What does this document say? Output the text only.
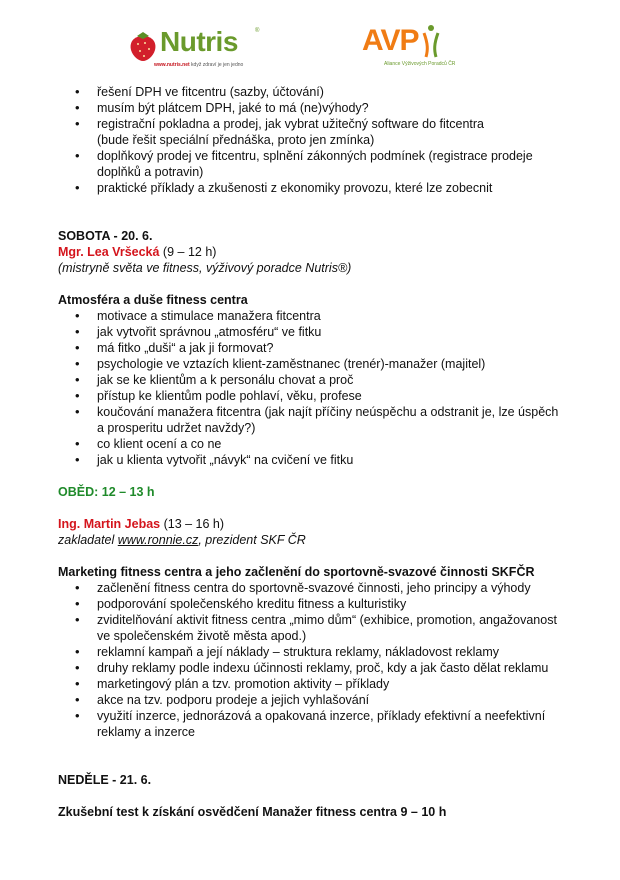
Nutris	®
www.nutris.net když zdraví je jen jedno
AVP
Aliance Výživových Poradců ČR
• řešení DPH ve fitcentru (sazby, účtování)
• musím být plátcem DPH, jaké to má (ne)výhody?
• registrační pokladna a prodej, jak vybrat užitečný software do fitcentra
(bude řešit speciální přednáška, proto jen zmínka)
• doplňkový prodej ve fitcentru, splnění zákonných podmínek (registrace prodeje
doplňků a potravin)
• praktické příklady a zkušenosti z ekonomiky provozu, které lze zobecnit

SOBOTA - 20. 6.

Mgr. Lea Vršecká (9 – 12 h)

(mistryně světa ve fitness, výživový poradce Nutris®)

Atmosféra a duše fitness centra

• motivace a stimulace manažera fitcentra
• jak vytvořit správnou „atmosféru“ ve fitku
• má fitko „duši“ a jak ji formovat?
• psychologie ve vztazích klient-zaměstnanec (trenér)-manažer (majitel)
• jak se ke klientům a k personálu chovat a proč
• přístup ke klientům podle pohlaví, věku, profese
• koučování manažera fitcentra (jak najít příčiny neúspěchu a odstranit je, lze úspěch
a prosperitu udržet navždy?)
• co klient ocení a co ne
• jak u klienta vytvořit „návyk“ na cvičení ve fitku

OBĚD: 12 – 13 h

Ing. Martin Jebas (13 – 16 h)

zakladatel www.ronnie.cz, prezident SKF ČR

Marketing fitness centra a jeho začlenění do sportovně-svazové činnosti SKFČR

• začlenění fitness centra do sportovně-svazové činnosti, jeho principy a výhody
• podporování společenského kreditu fitness a kulturistiky
• zviditelňování aktivit fitness centra „mimo dům“ (exhibice, promotion, angažovanost
ve společenském životě města apod.)
• reklamní kampaň a její náklady – struktura reklamy, nákladovost reklamy
• druhy reklamy podle indexu účinnosti reklamy, proč, kdy a jak často dělat reklamu
• marketingový plán a tzv. promotion aktivity – příklady
• akce na tzv. podporu prodeje a jejich vyhlašování
• využití inzerce, jednorázová a opakovaná inzerce, příklady efektivní a neefektivní
reklamy a inzerce

NEDĚLE - 21. 6.

Zkušební test k získání osvědčení Manažer fitness centra 9 – 10 h
